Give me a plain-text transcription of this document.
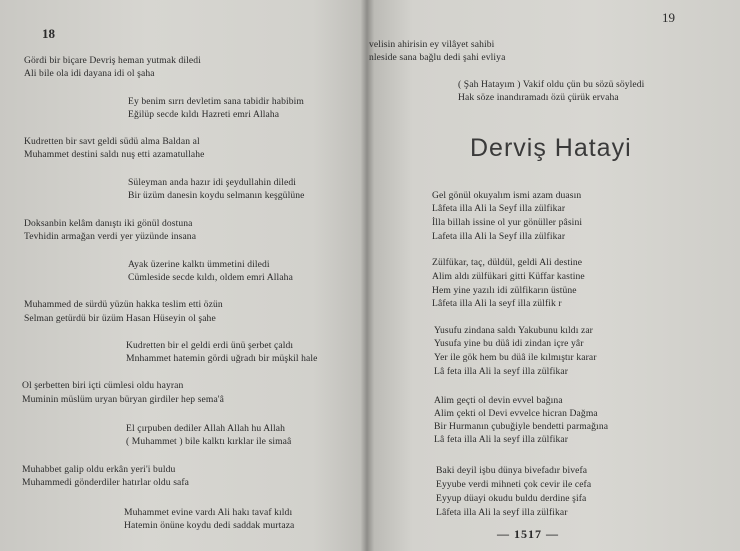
18
19
Gördi bir biçare Devriş heman yutmak diledi
Ali bile ola idi dayana idi ol şaha
Ey benim sırrı devletim sana tabidir habibim
Eğilüp secde kıldı Hazreti emri Allaha
Kudretten bir savt geldi südü alma Baldan al
Muhammet destini saldı nuş etti azamatullahe
Süleyman anda hazır idi şeydullahin diledi
Bir üzüm danesin koydu selmanın keşgülüne
Doksanbin kelâm danıştı iki gönül dostuna
Tevhidin armağan verdi yer yüzünde insana
Ayak üzerine kalktı ümmetini diledi
Cümleside secde kıldı, oldem emri Allaha
Muhammed de sürdü yüzün hakka teslim etti özün
Selman getürdü bir üzüm Hasan Hüseyin ol şahe
Kudretten bir el geldi erdi ünü şerbet çaldı
Mnhammet hatemin gördi uğradı bir müşkil hale
Ol şerbetten biri içti cümlesi oldu hayran
Muminin müslüm uryan büryan girdiler hep sema'â
El çırpuben dediler Allah Allah hu Allah
( Muhammet ) bile kalktı kırklar ile simaâ
Muhabbet galip oldu erkân yeri'i buldu
Muhammedi gönderdiler hatırlar oldu safa
Muhammet evine vardı Ali hakı tavaf kıldı
Hatemin önüne koydu dedi saddak murtaza
velisin ahirisin ey vilâyet sahibi
nleside sana bağlu dedi şahi evliya
( Şah Hatayım ) Vakif oldu çün bu sözü söyledi
Hak söze inandıramadı özü çürük ervaha
Derviş Hatayi
Gel gönül okuyalım ismi azam duasın
Lâfeta illa Ali la Seyf illa zülfikar
İlla billah issine ol yur gönüller pâsini
Lafeta illa Ali la Seyf illa zülfikar
Zülfükar, taç, düldül, geldi Ali destine
Alim aldı zülfükari gitti Küffar kastine
Hem yine yazılı idi zülfikarın üstüne
Lâfeta illa Ali la seyf illa zülfik r
Yusufu zindana saldı Yakubunu kıldı zar
Yusufa yine bu düâ idi zindan içre yâr
Yer ile gök hem bu düâ ile kılmıştır karar
Lâ feta illa Ali la seyf illa zülfikar
Alim geçti ol devin evvel bağına
Alim çekti ol Devi evvelce hicran Dağma
Bir Hurmanın çubuğiyle bendetti parmağına
Lâ feta illa Ali la seyf illa zülfikar
Baki deyil işbu dünya bivefadır bivefa
Eyyube verdi mihneti çok cevir ile cefa
Eyyup düayi okudu buldu derdine şifa
Lâfeta illa Ali la seyf illa zülfikar
— 1517 —
